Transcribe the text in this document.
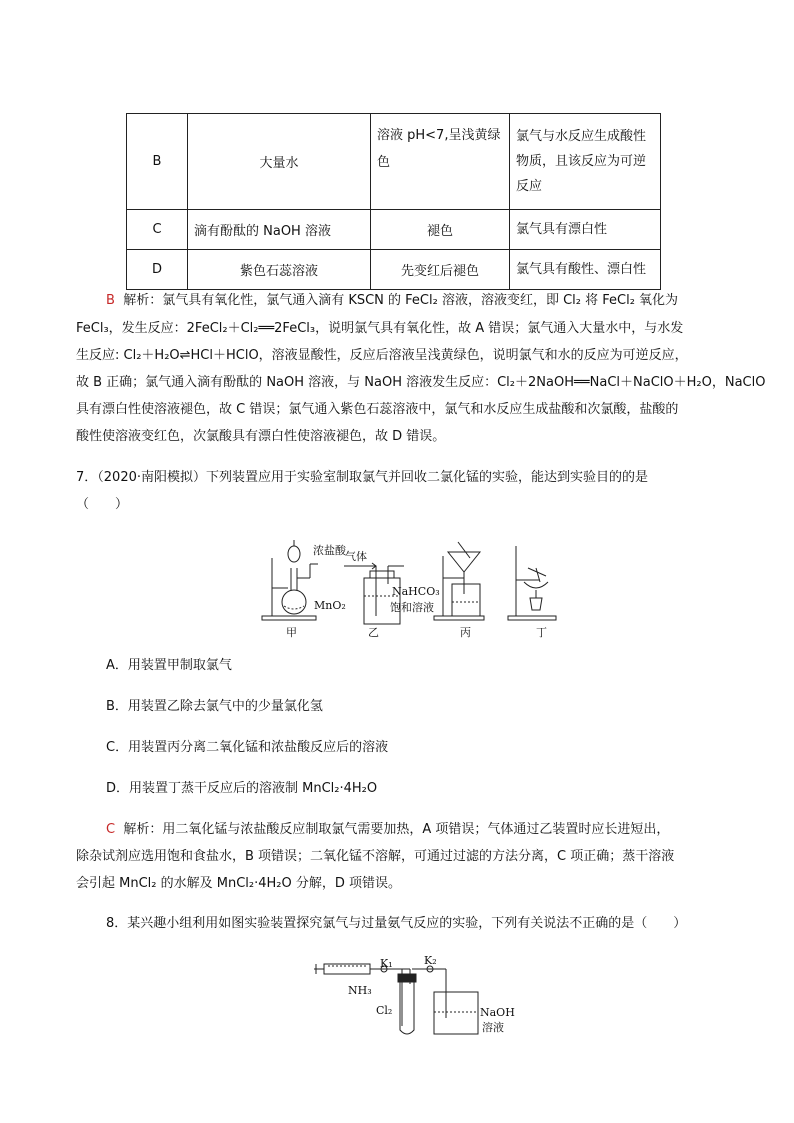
B	大量水	溶液 pH<7,呈浅黄绿色	氯气与水反应生成酸性物质，且该反应为可逆反应
C	滴有酚酞的 NaOH 溶液	褪色	氯气具有漂白性
D	紫色石蕊溶液	先变红后褪色	氯气具有酸性、漂白性
B 解析：氯气具有氧化性，氯气通入滴有 KSCN 的 FeCl₂ 溶液，溶液变红，即 Cl₂ 将 FeCl₂ 氧化为
FeCl₃，发生反应：2FeCl₂＋Cl₂══2FeCl₃，说明氯气具有氧化性，故 A 错误；氯气通入大量水中，与水发
生反应: Cl₂＋H₂O⇌HCl＋HClO，溶液显酸性，反应后溶液呈浅黄绿色，说明氯气和水的反应为可逆反应，
故 B 正确；氯气通入滴有酚酞的 NaOH 溶液，与 NaOH 溶液发生反应：Cl₂＋2NaOH══NaCl＋NaClO＋H₂O，NaClO
具有漂白性使溶液褪色，故 C 错误；氯气通入紫色石蕊溶液中，氯气和水反应生成盐酸和次氯酸，盐酸的
酸性使溶液变红色，次氯酸具有漂白性使溶液褪色，故 D 错误。
7．（2020·南阳模拟）下列装置应用于实验室制取氯气并回收二氯化锰的实验，能达到实验目的的是
（　　）
浓盐酸
MnO₂
气体
NaHCO₃
饱和溶液
甲	乙	丙	丁
A．用装置甲制取氯气
B．用装置乙除去氯气中的少量氯化氢
C．用装置丙分离二氧化锰和浓盐酸反应后的溶液
D．用装置丁蒸干反应后的溶液制 MnCl₂·4H₂O
C 解析：用二氧化锰与浓盐酸反应制取氯气需要加热，A 项错误；气体通过乙装置时应长进短出，
除杂试剂应选用饱和食盐水，B 项错误；二氧化锰不溶解，可通过过滤的方法分离，C 项正确；蒸干溶液
会引起 MnCl₂ 的水解及 MnCl₂·4H₂O 分解，D 项错误。
8．某兴趣小组利用如图实验装置探究氯气与过量氨气反应的实验，下列有关说法不正确的是（　　）
K₁	K₂
NH₃
Cl₂	NaOH
溶液
